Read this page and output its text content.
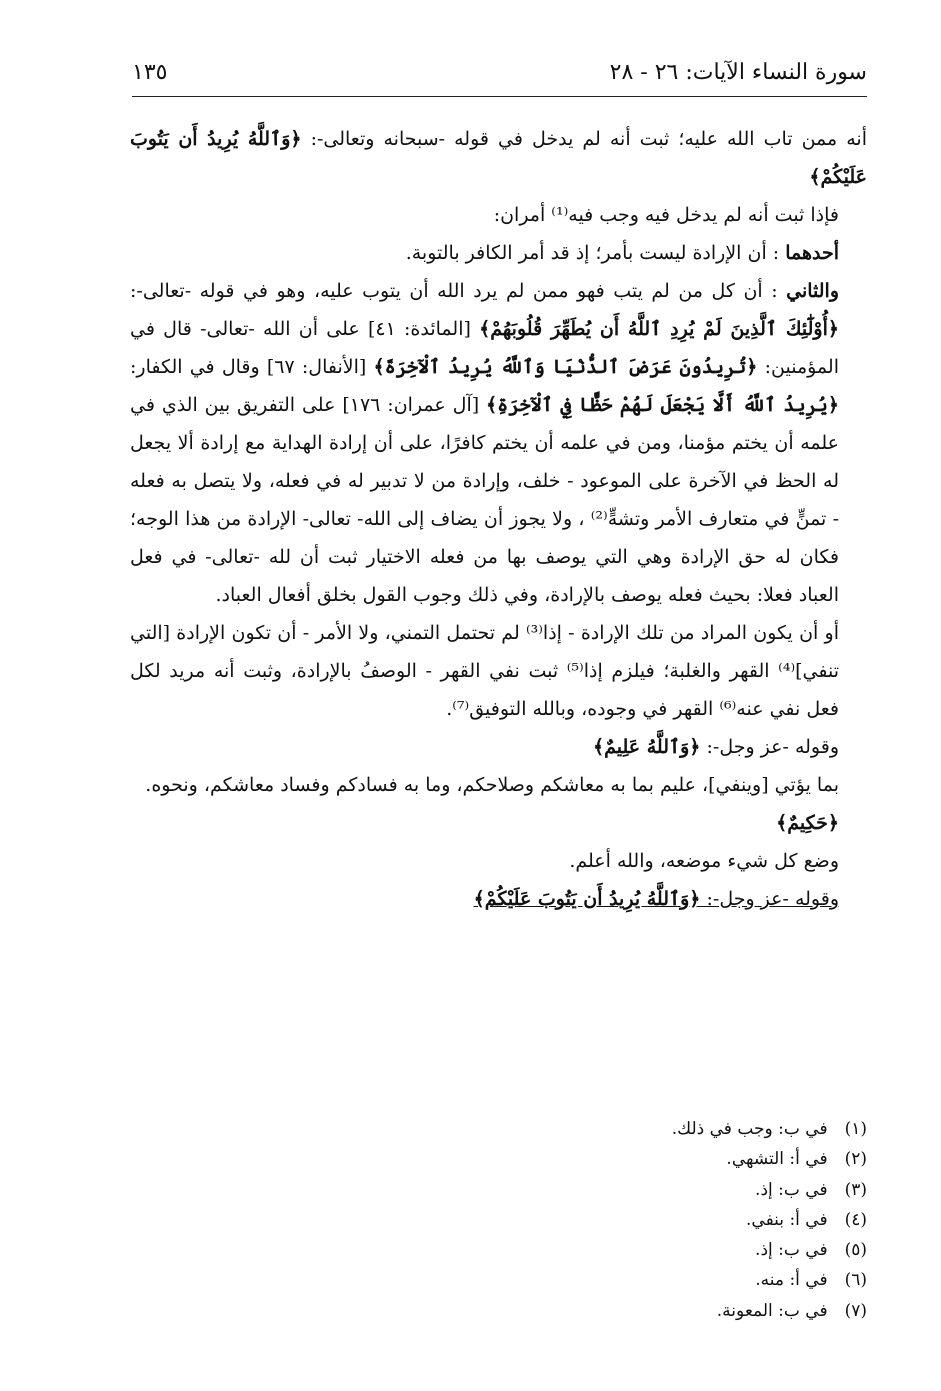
سورة النساء الآيات: ٢٦ - ٢٨
١٣٥

أنه ممن تاب الله عليه؛ ثبت أنه لم يدخل في قوله -سبحانه وتعالى-: ﴿وَٱللَّهُ يُرِيدُ أَن يَتُوبَ عَلَيْكُمْ﴾

فإذا ثبت أنه لم يدخل فيه وجب فيه⁽¹⁾ أمران:

أحدهما : أن الإرادة ليست بأمر؛ إذ قد أمر الكافر بالتوبة.

والثاني : أن كل من لم يتب فهو ممن لم يرد الله أن يتوب عليه، وهو في قوله -تعالى-: ﴿أُوْلَٰٓئِكَ ٱلَّذِينَ لَمْ يُرِدِ ٱللَّهُ أَن يُطَهِّرَ قُلُوبَهُمْ﴾ [المائدة: ٤١] على أن الله -تعالى- قال في المؤمنين: ﴿تُرِيدُونَ عَرَضَ ٱلدُّنْيَا وَٱللَّهُ يُرِيدُ ٱلْآخِرَةَ﴾ [الأنفال: ٦٧] وقال في الكفار: ﴿يُرِيدُ ٱللَّهُ أَلَّا يَجْعَلَ لَهُمْ حَظًّا فِي ٱلْآخِرَةِ﴾ [آل عمران: ١٧٦] على التفريق بين الذي في علمه أن يختم مؤمنا، ومن في علمه أن يختم كافرًا، على أن إرادة الهداية مع إرادة ألا يجعل له الحظ في الآخرة على الموعود - خلف، وإرادة من لا تدبير له في فعله، ولا يتصل به فعله - تمنٍّ في متعارف الأمر وتشهٍّ⁽²⁾ ، ولا يجوز أن يضاف إلى الله- تعالى- الإرادة من هذا الوجه؛ فكان له حق الإرادة وهي التي يوصف بها من فعله الاختيار ثبت أن لله -تعالى- في فعل العباد فعلا: بحيث فعله يوصف بالإرادة، وفي ذلك وجوب القول بخلق أفعال العباد.

أو أن يكون المراد من تلك الإرادة - إذا⁽³⁾ لم تحتمل التمني، ولا الأمر - أن تكون الإرادة [التي تنفي]⁽⁴⁾ القهر والغلبة؛ فيلزم إذا⁽⁵⁾ ثبت نفي القهر - الوصفُ بالإرادة، وثبت أنه مريد لكل فعل نفي عنه⁽⁶⁾ القهر في وجوده، وبالله التوفيق⁽⁷⁾.

وقوله -عز وجل-: ﴿وَٱللَّهُ عَلِيمٌ﴾

بما يؤتي [وينفي]، عليم بما به معاشكم وصلاحكم، وما به فسادكم وفساد معاشكم، ونحوه.

﴿حَكِيمٌ﴾

وضع كل شيء موضعه، والله أعلم.

وقوله -عز وجل-: ﴿وَٱللَّهُ يُرِيدُ أَن يَتُوبَ عَلَيْكُمْ﴾

(١) في ب: وجب في ذلك.

(٢) في أ: التشهي.

(٣) في ب: إذ.

(٤) في أ: بنفي.

(٥) في ب: إذ.

(٦) في أ: منه.

(٧) في ب: المعونة.
